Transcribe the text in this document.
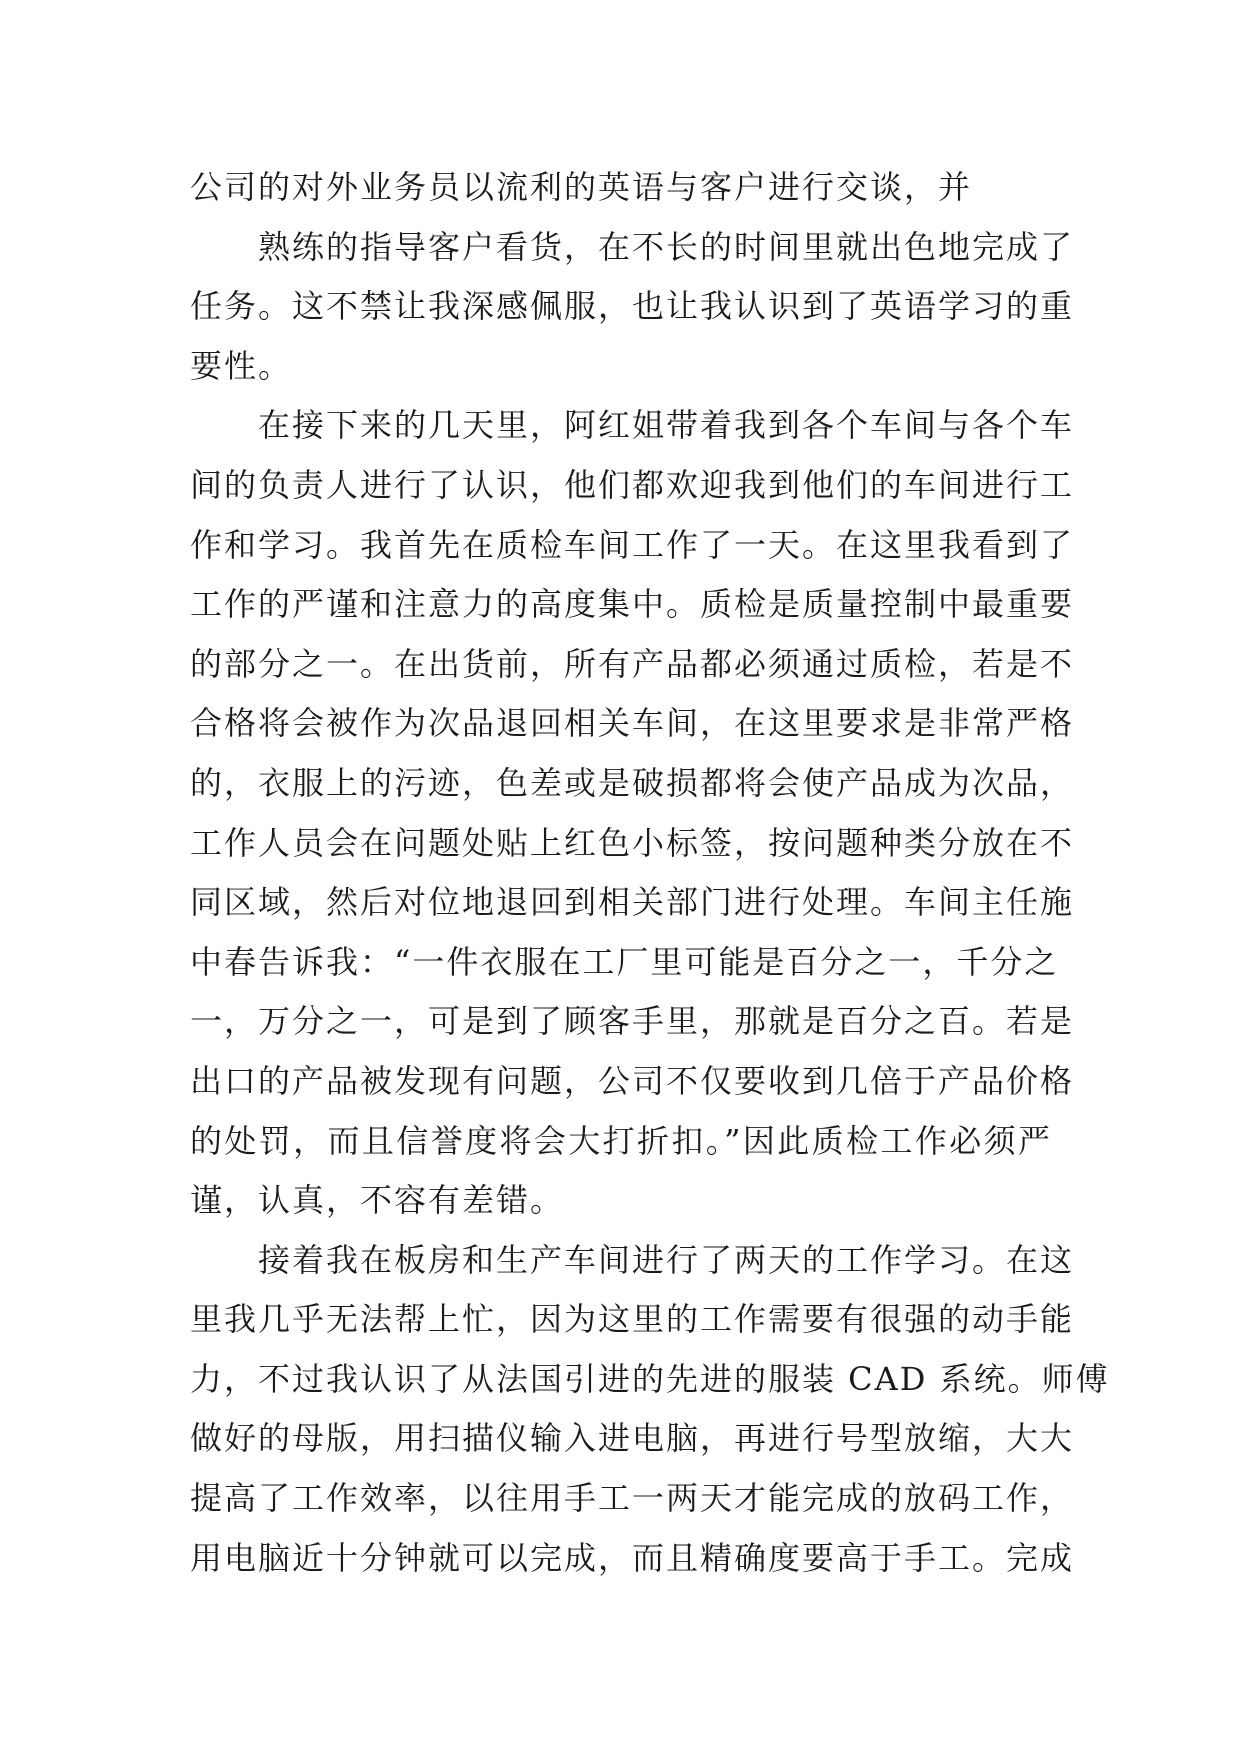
公司的对外业务员以流利的英语与客户进行交谈，并
熟练的指导客户看货，在不长的时间里就出色地完成了
任务。这不禁让我深感佩服，也让我认识到了英语学习的重
要性。
在接下来的几天里，阿红姐带着我到各个车间与各个车
间的负责人进行了认识，他们都欢迎我到他们的车间进行工
作和学习。我首先在质检车间工作了一天。在这里我看到了
工作的严谨和注意力的高度集中。质检是质量控制中最重要
的部分之一。在出货前，所有产品都必须通过质检，若是不
合格将会被作为次品退回相关车间，在这里要求是非常严格
的，衣服上的污迹，色差或是破损都将会使产品成为次品，
工作人员会在问题处贴上红色小标签，按问题种类分放在不
同区域，然后对位地退回到相关部门进行处理。车间主任施
中春告诉我：“一件衣服在工厂里可能是百分之一，千分之
一，万分之一，可是到了顾客手里，那就是百分之百。若是
出口的产品被发现有问题，公司不仅要收到几倍于产品价格
的处罚，而且信誉度将会大打折扣。”因此质检工作必须严
谨，认真，不容有差错。
接着我在板房和生产车间进行了两天的工作学习。在这
里我几乎无法帮上忙，因为这里的工作需要有很强的动手能
力，不过我认识了从法国引进的先进的服装 CAD 系统。师傅
做好的母版，用扫描仪输入进电脑，再进行号型放缩，大大
提高了工作效率，以往用手工一两天才能完成的放码工作，
用电脑近十分钟就可以完成，而且精确度要高于手工。完成
